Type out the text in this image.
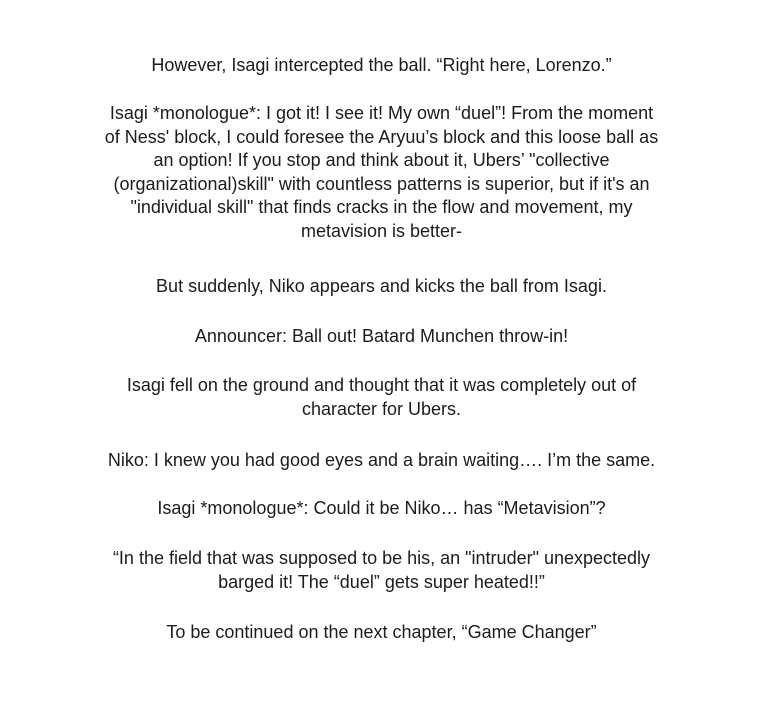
However, Isagi intercepted the ball. “Right here, Lorenzo.”

Isagi *monologue*: I got it! I see it! My own “duel”! From the moment
of Ness' block, I could foresee the Aryuu’s block and this loose ball as
an option! If you stop and think about it, Ubers’ "collective
(organizational)skill" with countless patterns is superior, but if it's an
"individual skill" that finds cracks in the flow and movement, my
metavision is better-

But suddenly, Niko appears and kicks the ball from Isagi.

Announcer: Ball out! Batard Munchen throw-in!

Isagi fell on the ground and thought that it was completely out of
character for Ubers.

Niko: I knew you had good eyes and a brain waiting…. I’m the same.

Isagi *monologue*: Could it be Niko… has “Metavision”?

“In the field that was supposed to be his, an "intruder" unexpectedly
barged it! The “duel” gets super heated!!”

To be continued on the next chapter, “Game Changer”
